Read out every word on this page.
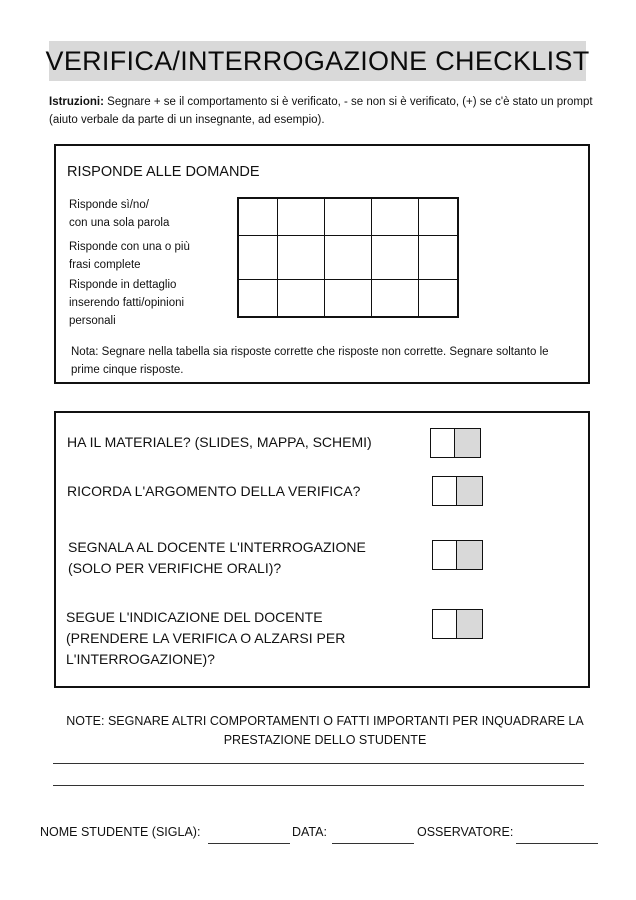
VERIFICA/INTERROGAZIONE CHECKLIST
Istruzioni: Segnare + se il comportamento si è verificato, - se non si è verificato, (+) se c'è stato un prompt (aiuto verbale da parte di un insegnante, ad esempio).
RISPONDE ALLE DOMANDE
Risponde sì/no/
con una sola parola
Risponde con una o più
frasi complete
Risponde in dettaglio
inserendo fatti/opinioni
personali

Nota: Segnare nella tabella sia risposte corrette che risposte non corrette. Segnare soltanto le prime cinque risposte.
HA IL MATERIALE? (SLIDES, MAPPA, SCHEMI)
RICORDA L'ARGOMENTO DELLA VERIFICA?
SEGNALA AL DOCENTE L'INTERROGAZIONE
(SOLO PER VERIFICHE ORALI)?
SEGUE L'INDICAZIONE DEL DOCENTE
(PRENDERE LA VERIFICA O ALZARSI PER
L'INTERROGAZIONE)?
NOTE: SEGNARE ALTRI COMPORTAMENTI O FATTI IMPORTANTI PER INQUADRARE LA PRESTAZIONE DELLO STUDENTE
NOME STUDENTE (SIGLA):	DATA:	OSSERVATORE:
